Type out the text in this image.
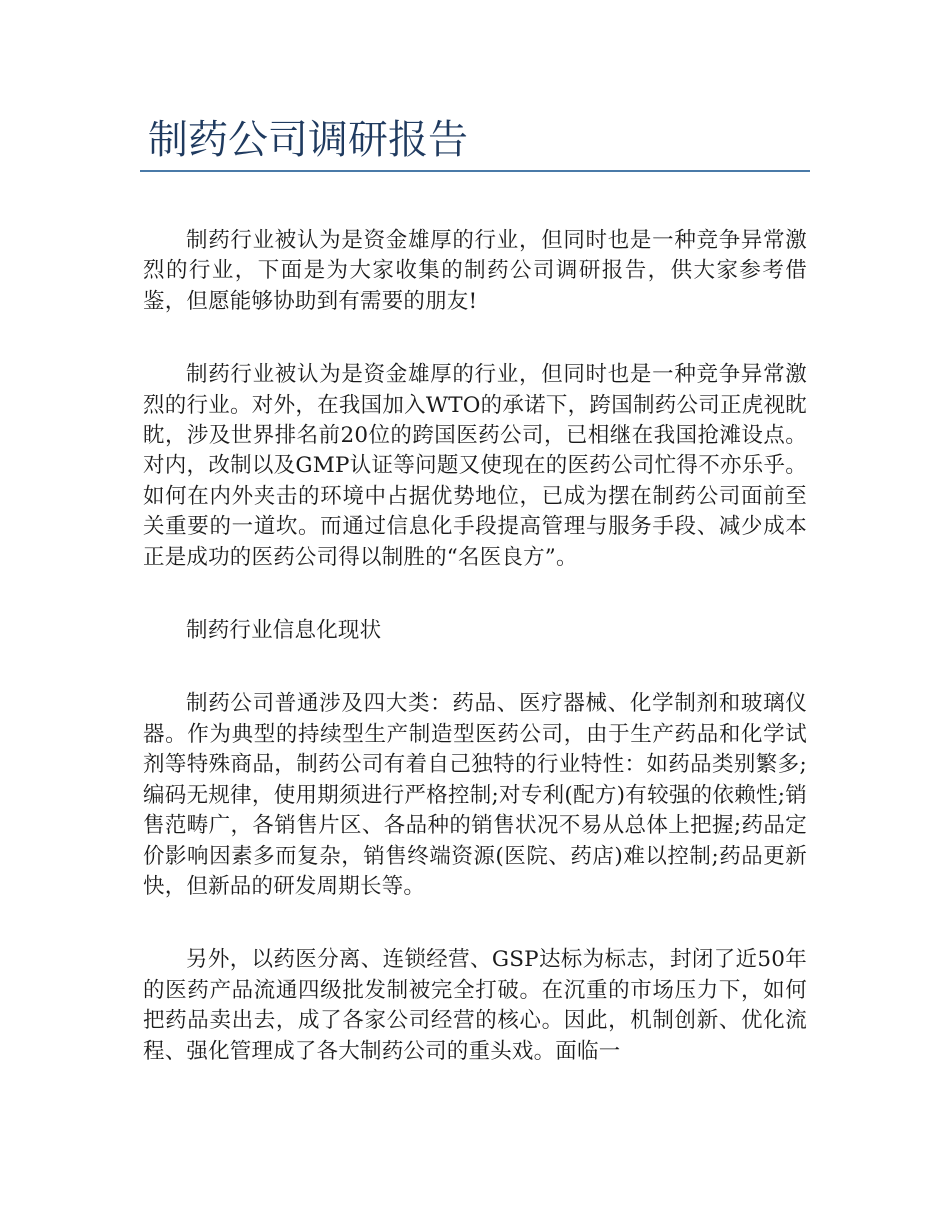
制药公司调研报告

制药行业被认为是资金雄厚的行业，但同时也是一种竞争异常激烈的行业，下面是为大家收集的制药公司调研报告，供大家参考借鉴，但愿能够协助到有需要的朋友!

制药行业被认为是资金雄厚的行业，但同时也是一种竞争异常激烈的行业。对外，在我国加入WTO的承诺下，跨国制药公司正虎视眈眈，涉及世界排名前20位的跨国医药公司，已相继在我国抢滩设点。对内，改制以及GMP认证等问题又使现在的医药公司忙得不亦乐乎。如何在内外夹击的环境中占据优势地位，已成为摆在制药公司面前至关重要的一道坎。而通过信息化手段提高管理与服务手段、减少成本正是成功的医药公司得以制胜的“名医良方”。

制药行业信息化现状

制药公司普通涉及四大类：药品、医疗器械、化学制剂和玻璃仪器。作为典型的持续型生产制造型医药公司，由于生产药品和化学试剂等特殊商品，制药公司有着自己独特的行业特性：如药品类别繁多;编码无规律，使用期须进行严格控制;对专利(配方)有较强的依赖性;销售范畴广，各销售片区、各品种的销售状况不易从总体上把握;药品定价影响因素多而复杂，销售终端资源(医院、药店)难以控制;药品更新快，但新品的研发周期长等。

另外，以药医分离、连锁经营、GSP达标为标志，封闭了近50年的医药产品流通四级批发制被完全打破。在沉重的市场压力下，如何把药品卖出去，成了各家公司经营的核心。因此，机制创新、优化流程、强化管理成了各大制药公司的重头戏。面临一
